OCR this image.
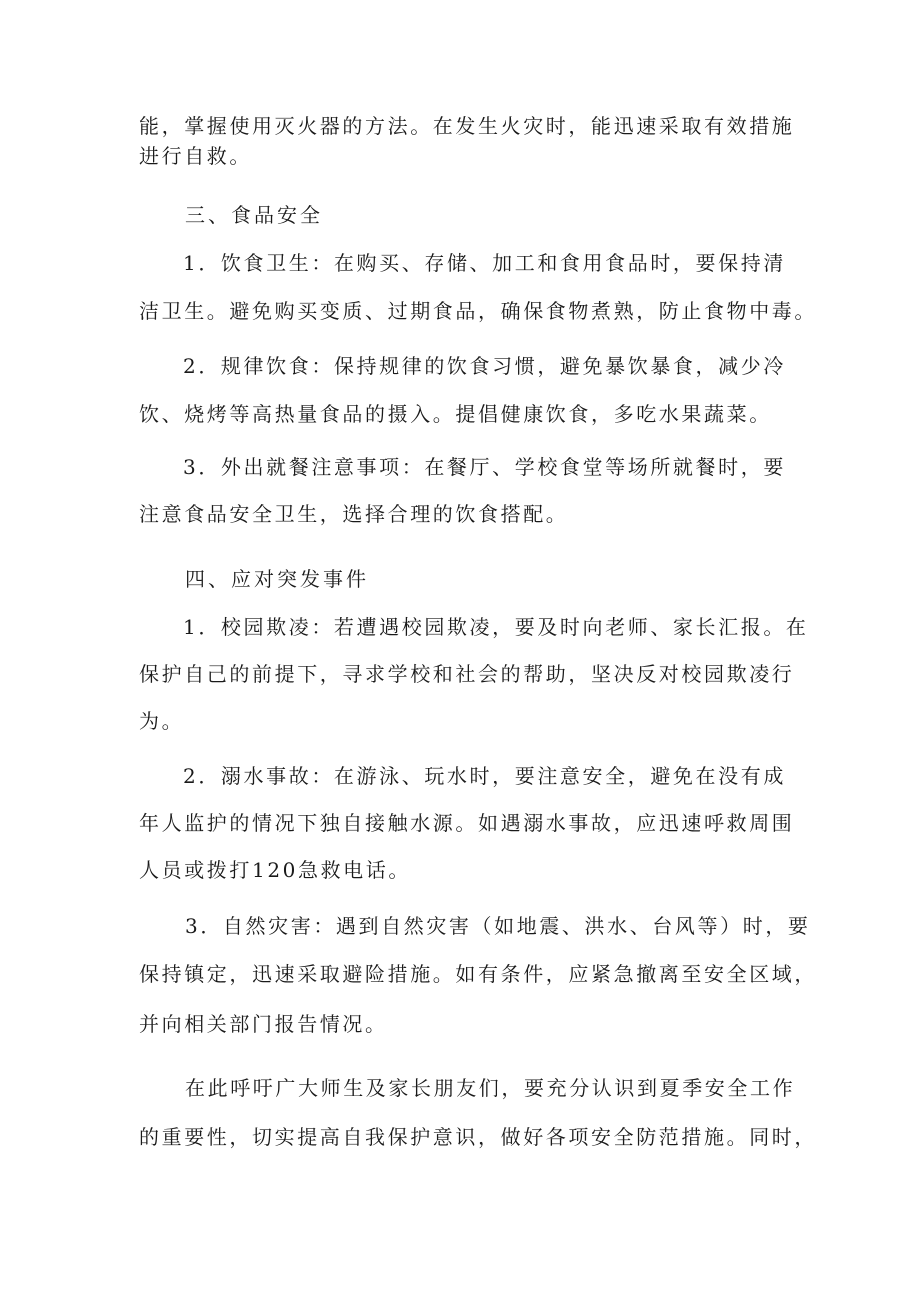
能，掌握使用灭火器的方法。在发生火灾时，能迅速采取有效措施
进行自救。
三、食品安全
1．饮食卫生：在购买、存储、加工和食用食品时，要保持清
洁卫生。避免购买变质、过期食品，确保食物煮熟，防止食物中毒。
2．规律饮食：保持规律的饮食习惯，避免暴饮暴食，减少冷
饮、烧烤等高热量食品的摄入。提倡健康饮食，多吃水果蔬菜。
3．外出就餐注意事项：在餐厅、学校食堂等场所就餐时，要
注意食品安全卫生，选择合理的饮食搭配。
四、应对突发事件
1．校园欺凌：若遭遇校园欺凌，要及时向老师、家长汇报。在
保护自己的前提下，寻求学校和社会的帮助，坚决反对校园欺凌行
为。
2．溺水事故：在游泳、玩水时，要注意安全，避免在没有成
年人监护的情况下独自接触水源。如遇溺水事故，应迅速呼救周围
人员或拨打120急救电话。
3．自然灾害：遇到自然灾害（如地震、洪水、台风等）时，要
保持镇定，迅速采取避险措施。如有条件，应紧急撤离至安全区域，
并向相关部门报告情况。
在此呼吁广大师生及家长朋友们，要充分认识到夏季安全工作
的重要性，切实提高自我保护意识，做好各项安全防范措施。同时，
